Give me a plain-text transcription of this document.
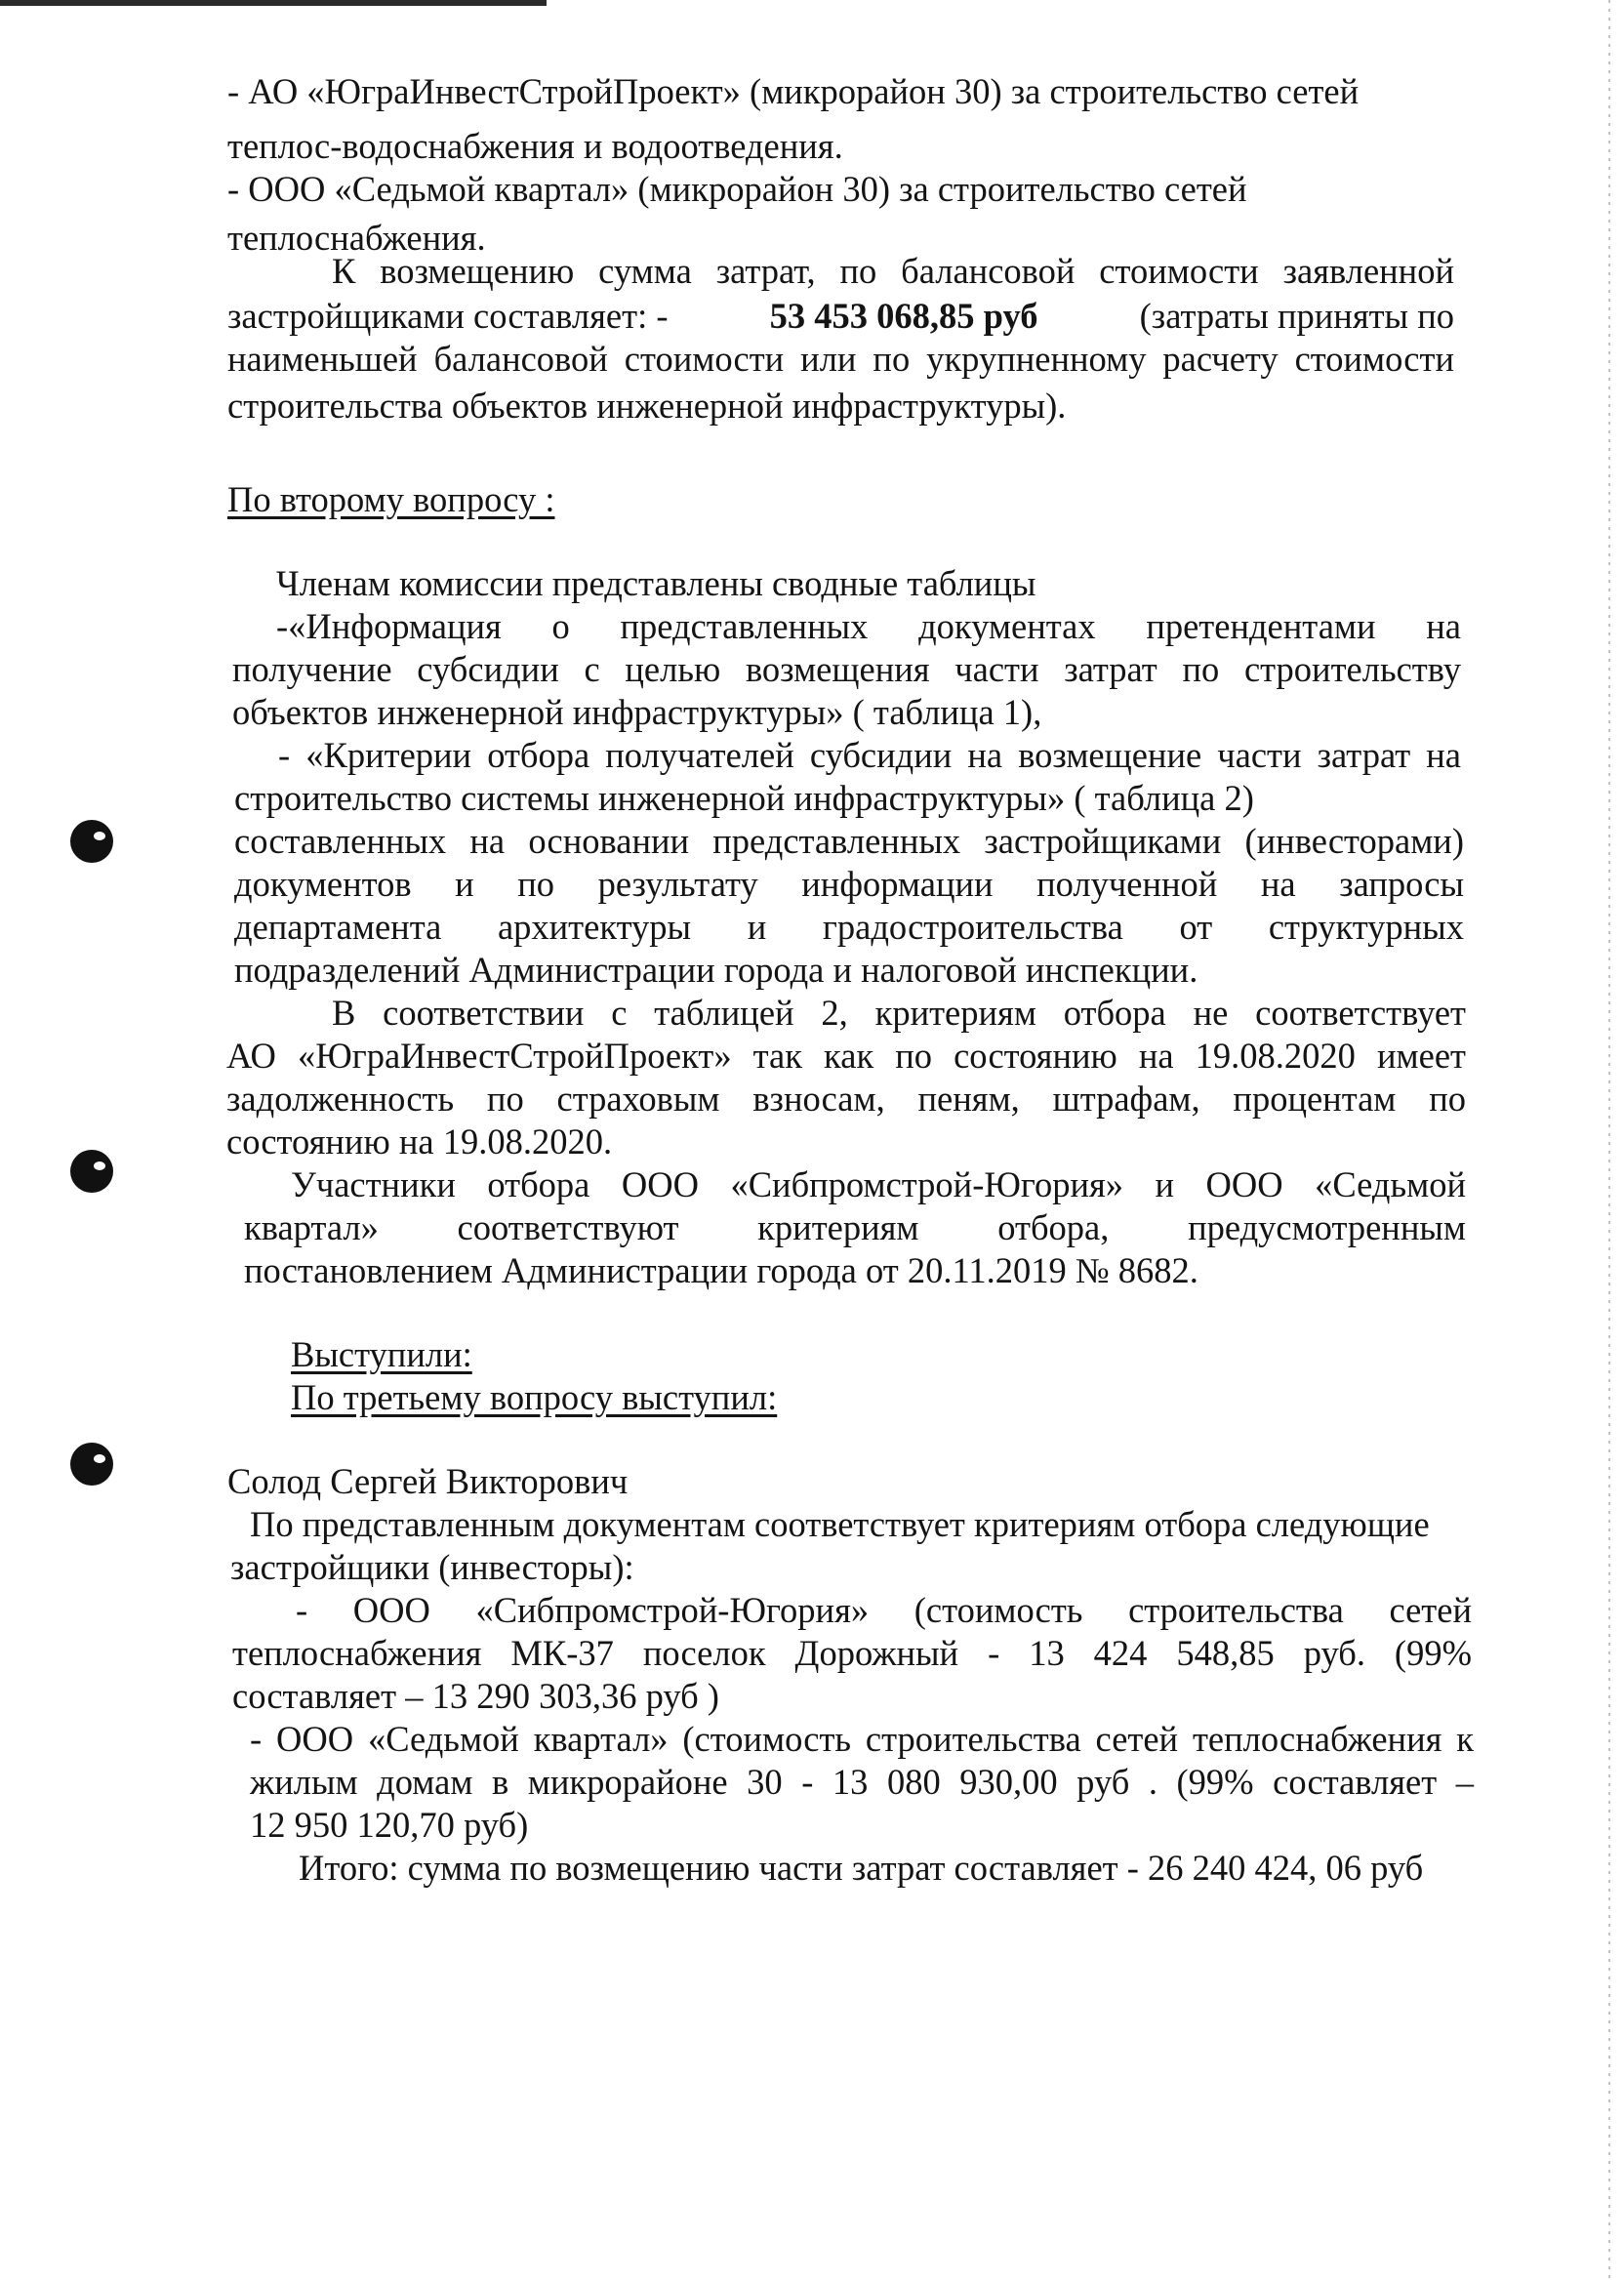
- АО «ЮграИнвестСтройПроект» (микрорайон 30) за строительство сетей

теплос-водоснабжения и водоотведения.

- ООО «Седьмой квартал» (микрорайон 30) за строительство сетей

теплоснабжения.

К возмещению сумма затрат, по балансовой стоимости заявленной

застройщиками составляет: -	53 453 068,85 руб	(затраты приняты по

наименьшей балансовой стоимости или по укрупненному расчету стоимости

строительства объектов инженерной инфраструктуры).

По второму вопросу :

Членам комиссии представлены сводные таблицы

-«Информация о представленных документах претендентами на

получение субсидии с целью возмещения части затрат по строительству

объектов инженерной инфраструктуры» ( таблица 1),

- «Критерии отбора получателей субсидии на возмещение части затрат на

строительство системы инженерной инфраструктуры» ( таблица 2)

составленных на основании представленных застройщиками (инвесторами)

документов и по результату информации полученной на запросы

департамента архитектуры и градостроительства от структурных

подразделений Администрации города и налоговой инспекции.

В соответствии с таблицей 2, критериям отбора не соответствует

АО «ЮграИнвестСтройПроект» так как по состоянию на 19.08.2020 имеет

задолженность по страховым взносам, пеням, штрафам, процентам по

состоянию на 19.08.2020.

Участники отбора ООО «Сибпромстрой-Югория» и ООО «Седьмой

квартал» соответствуют критериям отбора, предусмотренным

постановлением Администрации города от 20.11.2019 № 8682.

Выступили:

По третьему вопросу выступил:

Солод Сергей Викторович

По представленным документам соответствует критериям отбора следующие

застройщики (инвесторы):

- ООО «Сибпромстрой-Югория» (стоимость строительства сетей

теплоснабжения МК-37 поселок Дорожный - 13 424 548,85 руб. (99%

составляет – 13 290 303,36 руб )

- ООО «Седьмой квартал» (стоимость строительства сетей теплоснабжения к

жилым домам в микрорайоне 30 - 13 080 930,00 руб . (99% составляет –

12 950 120,70 руб)

Итого: сумма по возмещению части затрат составляет - 26 240 424, 06 руб
